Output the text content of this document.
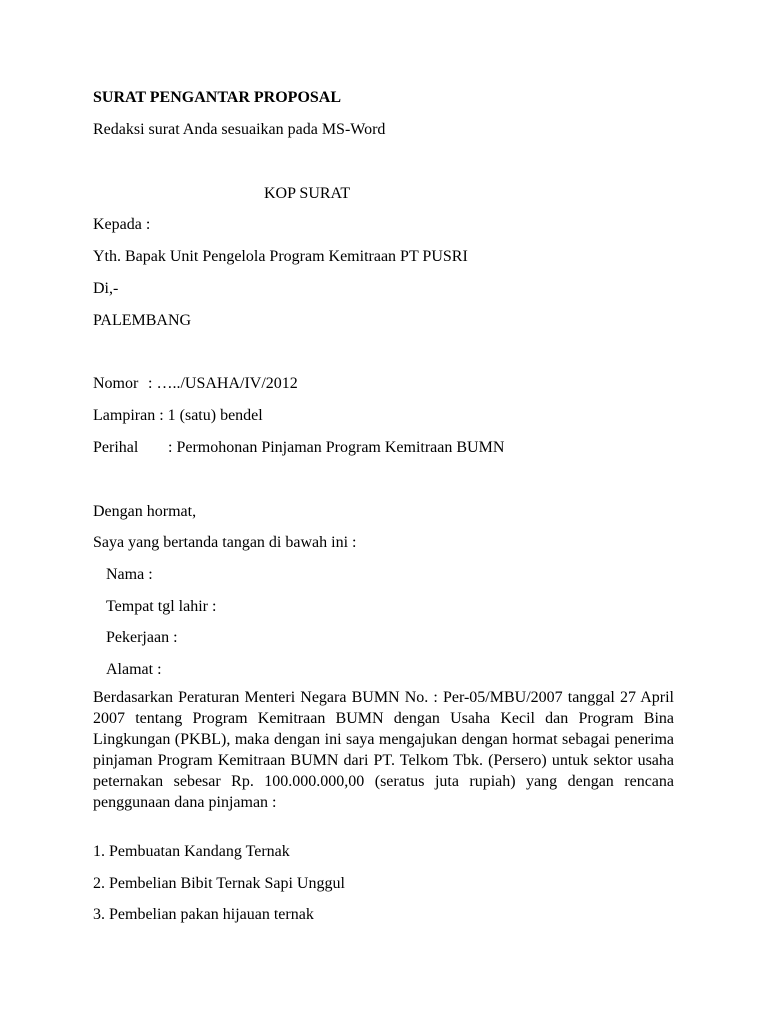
SURAT PENGANTAR PROPOSAL
Redaksi surat Anda sesuaikan pada MS-Word
KOP SURAT
Kepada :
Yth. Bapak Unit Pengelola Program Kemitraan PT PUSRI
Di,-
PALEMBANG
Nomor : …../USAHA/IV/2012
Lampiran : 1 (satu) bendel
Perihal : Permohonan Pinjaman Program Kemitraan BUMN
Dengan hormat,
Saya yang bertanda tangan di bawah ini :
Nama :
Tempat tgl lahir :
Pekerjaan :
Alamat :
Berdasarkan Peraturan Menteri Negara BUMN No. : Per-05/MBU/2007 tanggal 27 April 2007 tentang Program Kemitraan BUMN dengan Usaha Kecil dan Program Bina Lingkungan (PKBL), maka dengan ini saya mengajukan dengan hormat sebagai penerima pinjaman Program Kemitraan BUMN dari PT. Telkom Tbk. (Persero) untuk sektor usaha peternakan sebesar Rp. 100.000.000,00 (seratus juta rupiah) yang dengan rencana penggunaan dana pinjaman :
1. Pembuatan Kandang Ternak
2. Pembelian Bibit Ternak Sapi Unggul
3. Pembelian pakan hijauan ternak
